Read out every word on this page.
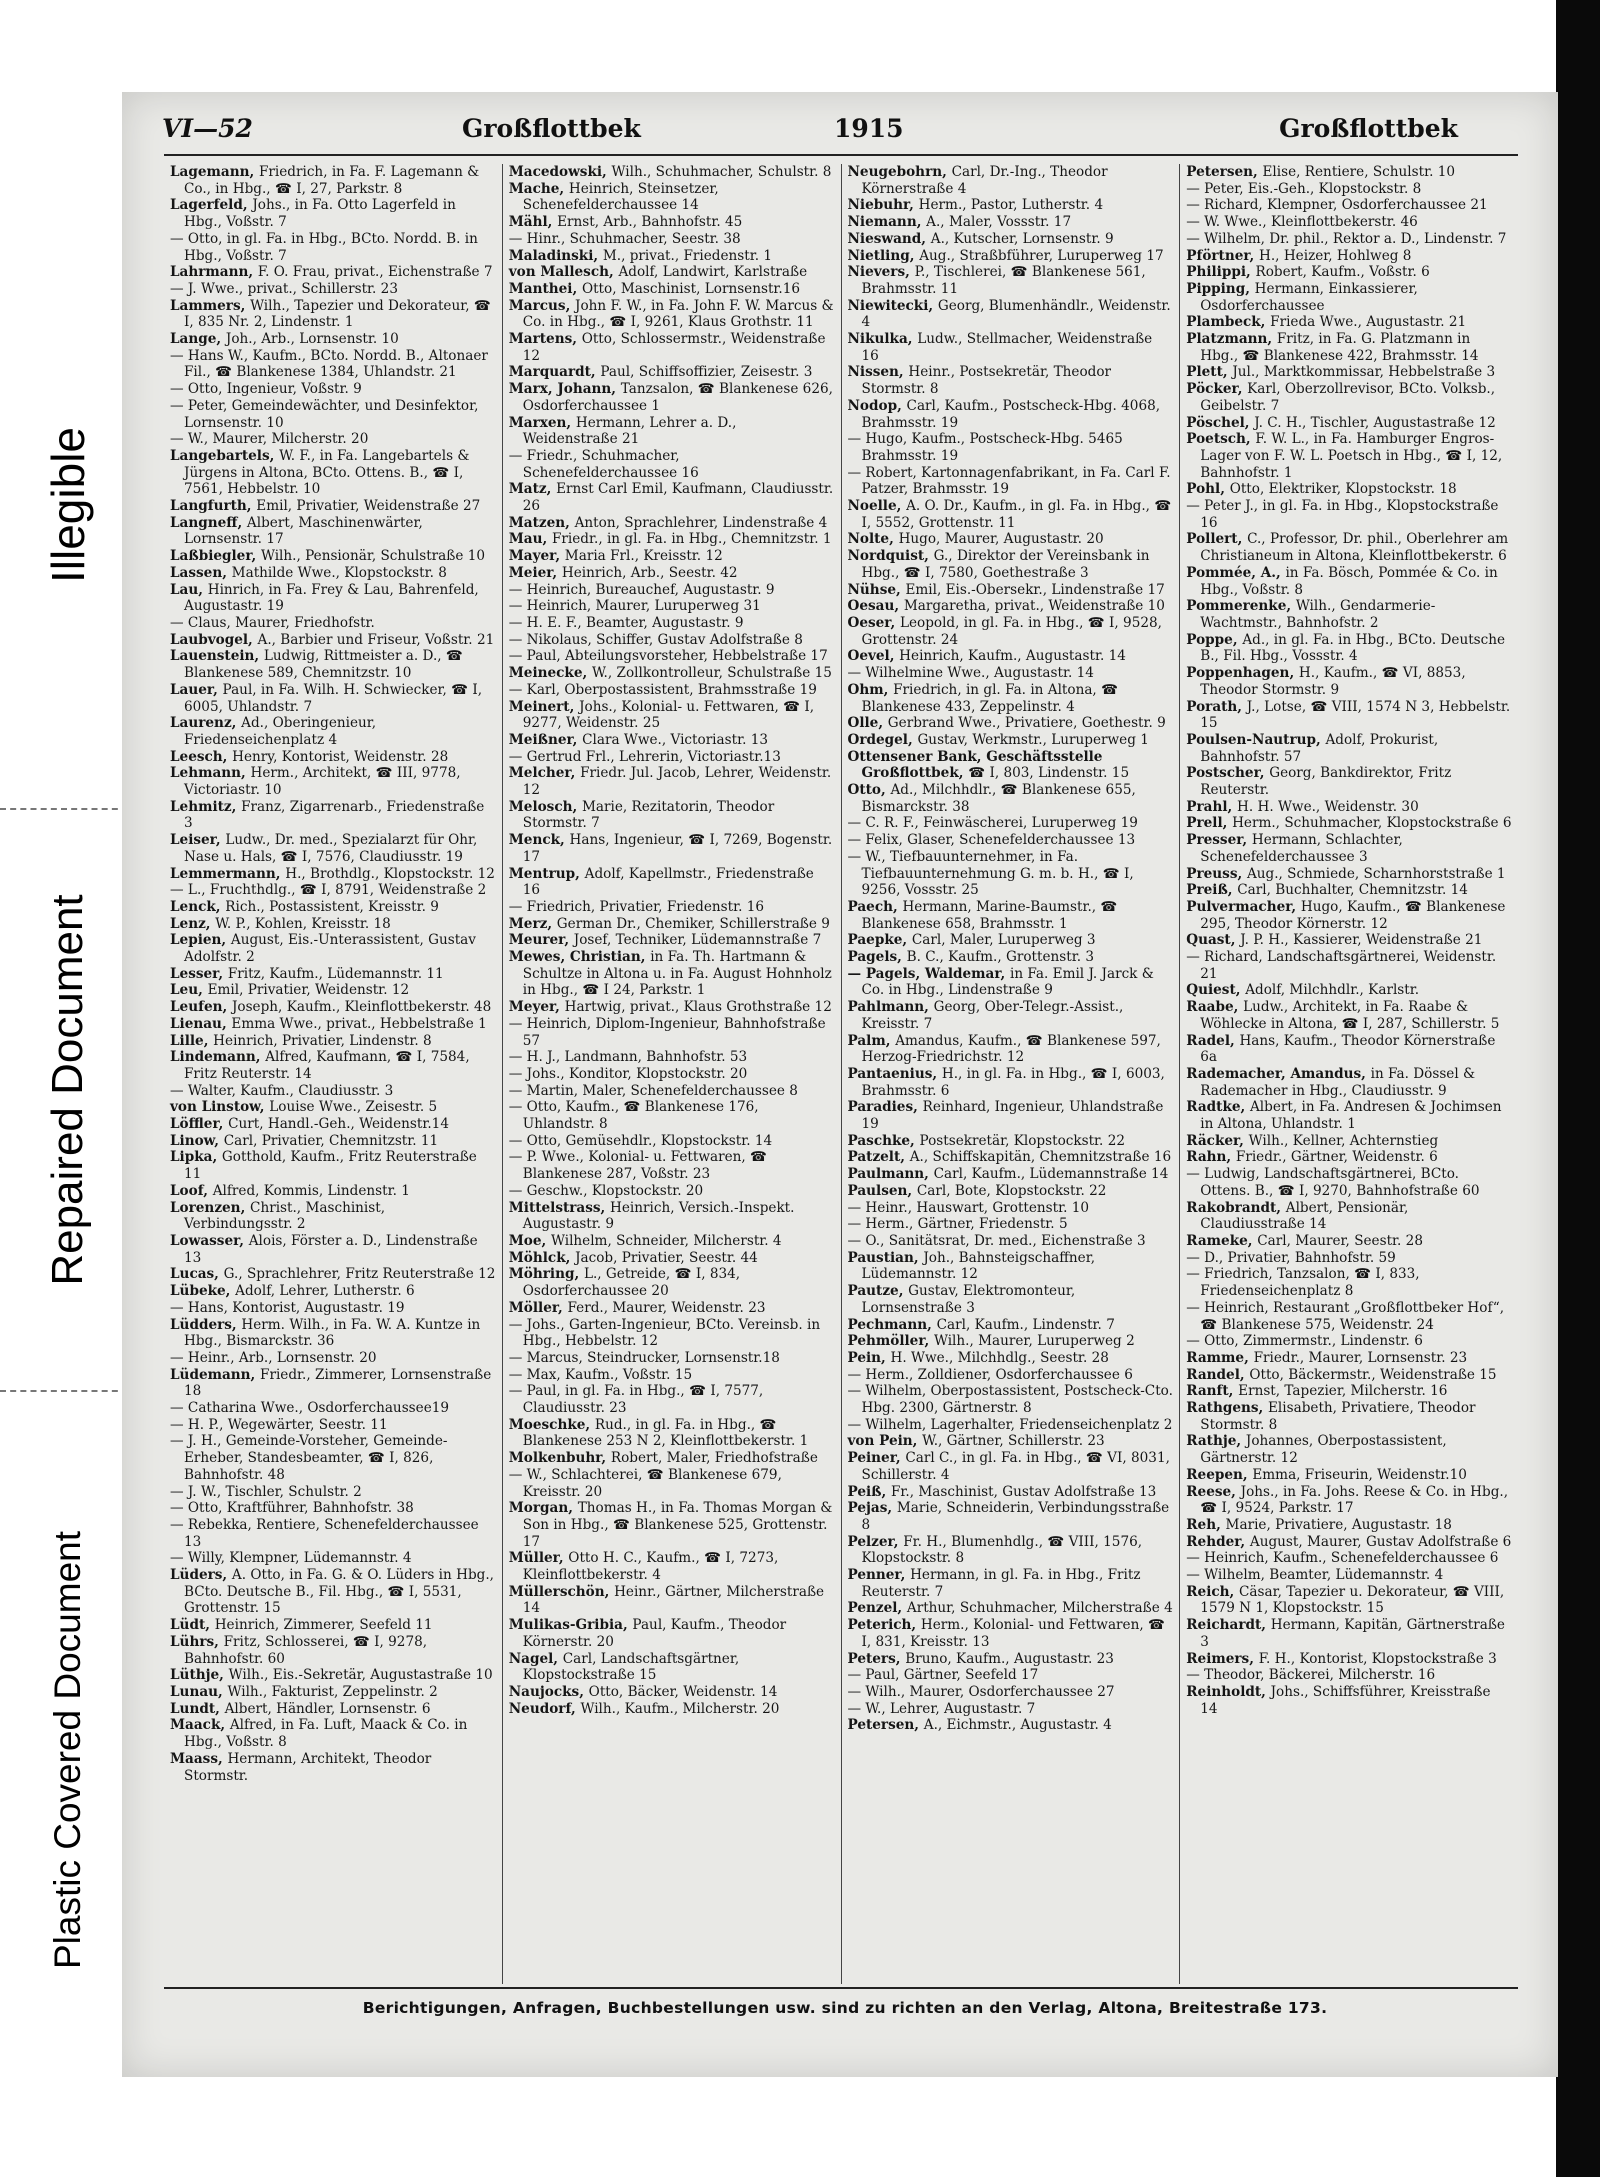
Illegible
Repaired Document
Plastic Covered Document
VI—52	Großflottbek	1915	Großflottbek

Lagemann, Friedrich, in Fa. F. Lagemann & Co., in Hbg., ☎ I, 27, Parkstr. 8

Lagerfeld, Johs., in Fa. Otto Lagerfeld in Hbg., Voßstr. 7

— Otto, in gl. Fa. in Hbg., BCto. Nordd. B. in Hbg., Voßstr. 7

Lahrmann, F. O. Frau, privat., Eichenstraße 7

— J. Wwe., privat., Schillerstr. 23

Lammers, Wilh., Tapezier und Dekorateur, ☎ I, 835 Nr. 2, Lindenstr. 1

Lange, Joh., Arb., Lornsenstr. 10

— Hans W., Kaufm., BCto. Nordd. B., Altonaer Fil., ☎ Blankenese 1384, Uhlandstr. 21

— Otto, Ingenieur, Voßstr. 9

— Peter, Gemeindewächter, und Desinfektor, Lornsenstr. 10

— W., Maurer, Milcherstr. 20

Langebartels, W. F., in Fa. Langebartels & Jürgens in Altona, BCto. Ottens. B., ☎ I, 7561, Hebbelstr. 10

Langfurth, Emil, Privatier, Weidenstraße 27

Langneff, Albert, Maschinenwärter, Lornsenstr. 17

Laßbiegler, Wilh., Pensionär, Schulstraße 10

Lassen, Mathilde Wwe., Klopstockstr. 8

Lau, Hinrich, in Fa. Frey & Lau, Bahrenfeld, Augustastr. 19

— Claus, Maurer, Friedhofstr.

Laubvogel, A., Barbier und Friseur, Voßstr. 21

Lauenstein, Ludwig, Rittmeister a. D., ☎ Blankenese 589, Chemnitzstr. 10

Lauer, Paul, in Fa. Wilh. H. Schwiecker, ☎ I, 6005, Uhlandstr. 7

Laurenz, Ad., Oberingenieur, Friedenseichenplatz 4

Leesch, Henry, Kontorist, Weidenstr. 28

Lehmann, Herm., Architekt, ☎ III, 9778, Victoriastr. 10

Lehmitz, Franz, Zigarrenarb., Friedenstraße 3

Leiser, Ludw., Dr. med., Spezialarzt für Ohr, Nase u. Hals, ☎ I, 7576, Claudiusstr. 19

Lemmermann, H., Brothdlg., Klopstockstr. 12

— L., Fruchthdlg., ☎ I, 8791, Weidenstraße 2

Lenck, Rich., Postassistent, Kreisstr. 9

Lenz, W. P., Kohlen, Kreisstr. 18

Lepien, August, Eis.-Unterassistent, Gustav Adolfstr. 2

Lesser, Fritz, Kaufm., Lüdemannstr. 11

Leu, Emil, Privatier, Weidenstr. 12

Leufen, Joseph, Kaufm., Kleinflottbekerstr. 48

Lienau, Emma Wwe., privat., Hebbelstraße 1

Lille, Heinrich, Privatier, Lindenstr. 8

Lindemann, Alfred, Kaufmann, ☎ I, 7584, Fritz Reuterstr. 14

— Walter, Kaufm., Claudiusstr. 3

von Linstow, Louise Wwe., Zeisestr. 5

Löffler, Curt, Handl.-Geh., Weidenstr.14

Linow, Carl, Privatier, Chemnitzstr. 11

Lipka, Gotthold, Kaufm., Fritz Reuterstraße 11

Loof, Alfred, Kommis, Lindenstr. 1

Lorenzen, Christ., Maschinist, Verbindungsstr. 2

Lowasser, Alois, Förster a. D., Lindenstraße 13

Lucas, G., Sprachlehrer, Fritz Reuterstraße 12

Lübeke, Adolf, Lehrer, Lutherstr. 6

— Hans, Kontorist, Augustastr. 19

Lüdders, Herm. Wilh., in Fa. W. A. Kuntze in Hbg., Bismarckstr. 36

— Heinr., Arb., Lornsenstr. 20

Lüdemann, Friedr., Zimmerer, Lornsenstraße 18

— Catharina Wwe., Osdorferchaussee19

— H. P., Wegewärter, Seestr. 11

— J. H., Gemeinde-Vorsteher, Gemeinde-Erheber, Standesbeamter, ☎ I, 826, Bahnhofstr. 48

— J. W., Tischler, Schulstr. 2

— Otto, Kraftführer, Bahnhofstr. 38

— Rebekka, Rentiere, Schenefelderchaussee 13

— Willy, Klempner, Lüdemannstr. 4

Lüders, A. Otto, in Fa. G. & O. Lüders in Hbg., BCto. Deutsche B., Fil. Hbg., ☎ I, 5531, Grottenstr. 15

Lüdt, Heinrich, Zimmerer, Seefeld 11

Lührs, Fritz, Schlosserei, ☎ I, 9278, Bahnhofstr. 60

Lüthje, Wilh., Eis.-Sekretär, Augustastraße 10

Lunau, Wilh., Fakturist, Zeppelinstr. 2

Lundt, Albert, Händler, Lornsenstr. 6

Maack, Alfred, in Fa. Luft, Maack & Co. in Hbg., Voßstr. 8

Maass, Hermann, Architekt, Theodor Stormstr.

Macedowski, Wilh., Schuhmacher, Schulstr. 8

Mache, Heinrich, Steinsetzer, Schenefelderchaussee 14

Mähl, Ernst, Arb., Bahnhofstr. 45

— Hinr., Schuhmacher, Seestr. 38

Maladinski, M., privat., Friedenstr. 1

von Mallesch, Adolf, Landwirt, Karlstraße

Manthei, Otto, Maschinist, Lornsenstr.16

Marcus, John F. W., in Fa. John F. W. Marcus & Co. in Hbg., ☎ I, 9261, Klaus Grothstr. 11

Martens, Otto, Schlossermstr., Weidenstraße 12

Marquardt, Paul, Schiffsoffizier, Zeisestr. 3

Marx, Johann, Tanzsalon, ☎ Blankenese 626, Osdorferchaussee 1

Marxen, Hermann, Lehrer a. D., Weidenstraße 21

— Friedr., Schuhmacher, Schenefelderchaussee 16

Matz, Ernst Carl Emil, Kaufmann, Claudiusstr. 26

Matzen, Anton, Sprachlehrer, Lindenstraße 4

Mau, Friedr., in gl. Fa. in Hbg., Chemnitzstr. 1

Mayer, Maria Frl., Kreisstr. 12

Meier, Heinrich, Arb., Seestr. 42

— Heinrich, Bureauchef, Augustastr. 9

— Heinrich, Maurer, Luruperweg 31

— H. E. F., Beamter, Augustastr. 9

— Nikolaus, Schiffer, Gustav Adolfstraße 8

— Paul, Abteilungsvorsteher, Hebbelstraße 17

Meinecke, W., Zollkontrolleur, Schulstraße 15

— Karl, Oberpostassistent, Brahmsstraße 19

Meinert, Johs., Kolonial- u. Fettwaren, ☎ I, 9277, Weidenstr. 25

Meißner, Clara Wwe., Victoriastr. 13

— Gertrud Frl., Lehrerin, Victoriastr.13

Melcher, Friedr. Jul. Jacob, Lehrer, Weidenstr. 12

Melosch, Marie, Rezitatorin, Theodor Stormstr. 7

Menck, Hans, Ingenieur, ☎ I, 7269, Bogenstr. 17

Mentrup, Adolf, Kapellmstr., Friedenstraße 16

— Friedrich, Privatier, Friedenstr. 16

Merz, German Dr., Chemiker, Schillerstraße 9

Meurer, Josef, Techniker, Lüdemannstraße 7

Mewes, Christian, in Fa. Th. Hartmann & Schultze in Altona u. in Fa. August Hohnholz in Hbg., ☎ I 24, Parkstr. 1

Meyer, Hartwig, privat., Klaus Grothstraße 12

— Heinrich, Diplom-Ingenieur, Bahnhofstraße 57

— H. J., Landmann, Bahnhofstr. 53

— Johs., Konditor, Klopstockstr. 20

— Martin, Maler, Schenefelderchaussee 8

— Otto, Kaufm., ☎ Blankenese 176, Uhlandstr. 8

— Otto, Gemüsehdlr., Klopstockstr. 14

— P. Wwe., Kolonial- u. Fettwaren, ☎ Blankenese 287, Voßstr. 23

— Geschw., Klopstockstr. 20

Mittelstrass, Heinrich, Versich.-Inspekt. Augustastr. 9

Moe, Wilhelm, Schneider, Milcherstr. 4

Möhlck, Jacob, Privatier, Seestr. 44

Möhring, L., Getreide, ☎ I, 834, Osdorferchaussee 20

Möller, Ferd., Maurer, Weidenstr. 23

— Johs., Garten-Ingenieur, BCto. Vereinsb. in Hbg., Hebbelstr. 12

— Marcus, Steindrucker, Lornsenstr.18

— Max, Kaufm., Voßstr. 15

— Paul, in gl. Fa. in Hbg., ☎ I, 7577, Claudiusstr. 23

Moeschke, Rud., in gl. Fa. in Hbg., ☎ Blankenese 253 N 2, Kleinflottbekerstr. 1

Molkenbuhr, Robert, Maler, Friedhofstraße

— W., Schlachterei, ☎ Blankenese 679, Kreisstr. 20

Morgan, Thomas H., in Fa. Thomas Morgan & Son in Hbg., ☎ Blankenese 525, Grottenstr. 17

Müller, Otto H. C., Kaufm., ☎ I, 7273, Kleinflottbekerstr. 4

Müllerschön, Heinr., Gärtner, Milcherstraße 14

Mulikas-Gribia, Paul, Kaufm., Theodor Körnerstr. 20

Nagel, Carl, Landschaftsgärtner, Klopstockstraße 15

Naujocks, Otto, Bäcker, Weidenstr. 14

Neudorf, Wilh., Kaufm., Milcherstr. 20

Neugebohrn, Carl, Dr.-Ing., Theodor Körnerstraße 4

Niebuhr, Herm., Pastor, Lutherstr. 4

Niemann, A., Maler, Vossstr. 17

Nieswand, A., Kutscher, Lornsenstr. 9

Nietling, Aug., Straßbführer, Luruperweg 17

Nievers, P., Tischlerei, ☎ Blankenese 561, Brahmsstr. 11

Niewitecki, Georg, Blumenhändlr., Weidenstr. 4

Nikulka, Ludw., Stellmacher, Weidenstraße 16

Nissen, Heinr., Postsekretär, Theodor Stormstr. 8

Nodop, Carl, Kaufm., Postscheck-Hbg. 4068, Brahmsstr. 19

— Hugo, Kaufm., Postscheck-Hbg. 5465 Brahmsstr. 19

— Robert, Kartonnagenfabrikant, in Fa. Carl F. Patzer, Brahmsstr. 19

Noelle, A. O. Dr., Kaufm., in gl. Fa. in Hbg., ☎ I, 5552, Grottenstr. 11

Nolte, Hugo, Maurer, Augustastr. 20

Nordquist, G., Direktor der Vereinsbank in Hbg., ☎ I, 7580, Goethestraße 3

Nühse, Emil, Eis.-Obersekr., Lindenstraße 17

Oesau, Margaretha, privat., Weidenstraße 10

Oeser, Leopold, in gl. Fa. in Hbg., ☎ I, 9528, Grottenstr. 24

Oevel, Heinrich, Kaufm., Augustastr. 14

— Wilhelmine Wwe., Augustastr. 14

Ohm, Friedrich, in gl. Fa. in Altona, ☎ Blankenese 433, Zeppelinstr. 4

Olle, Gerbrand Wwe., Privatiere, Goethestr. 9

Ordegel, Gustav, Werkmstr., Luruperweg 1

Ottensener Bank, Geschäftsstelle Großflottbek, ☎ I, 803, Lindenstr. 15

Otto, Ad., Milchhdlr., ☎ Blankenese 655, Bismarckstr. 38

— C. R. F., Feinwäscherei, Luruperweg 19

— Felix, Glaser, Schenefelderchaussee 13

— W., Tiefbauunternehmer, in Fa. Tiefbauunternehmung G. m. b. H., ☎ I, 9256, Vossstr. 25

Paech, Hermann, Marine-Baumstr., ☎ Blankenese 658, Brahmsstr. 1

Paepke, Carl, Maler, Luruperweg 3

Pagels, B. C., Kaufm., Grottenstr. 3

— Pagels, Waldemar, in Fa. Emil J. Jarck & Co. in Hbg., Lindenstraße 9

Pahlmann, Georg, Ober-Telegr.-Assist., Kreisstr. 7

Palm, Amandus, Kaufm., ☎ Blankenese 597, Herzog-Friedrichstr. 12

Pantaenius, H., in gl. Fa. in Hbg., ☎ I, 6003, Brahmsstr. 6

Paradies, Reinhard, Ingenieur, Uhlandstraße 19

Paschke, Postsekretär, Klopstockstr. 22

Patzelt, A., Schiffskapitän, Chemnitzstraße 16

Paulmann, Carl, Kaufm., Lüdemannstraße 14

Paulsen, Carl, Bote, Klopstockstr. 22

— Heinr., Hauswart, Grottenstr. 10

— Herm., Gärtner, Friedenstr. 5

— O., Sanitätsrat, Dr. med., Eichenstraße 3

Paustian, Joh., Bahnsteigschaffner, Lüdemannstr. 12

Pautze, Gustav, Elektromonteur, Lornsenstraße 3

Pechmann, Carl, Kaufm., Lindenstr. 7

Pehmöller, Wilh., Maurer, Luruperweg 2

Pein, H. Wwe., Milchhdlg., Seestr. 28

— Herm., Zolldiener, Osdorferchaussee 6

— Wilhelm, Oberpostassistent, Postscheck-Cto. Hbg. 2300, Gärtnerstr. 8

— Wilhelm, Lagerhalter, Friedenseichenplatz 2

von Pein, W., Gärtner, Schillerstr. 23

Peiner, Carl C., in gl. Fa. in Hbg., ☎ VI, 8031, Schillerstr. 4

Peiß, Fr., Maschinist, Gustav Adolfstraße 13

Pejas, Marie, Schneiderin, Verbindungsstraße 8

Pelzer, Fr. H., Blumenhdlg., ☎ VIII, 1576, Klopstockstr. 8

Penner, Hermann, in gl. Fa. in Hbg., Fritz Reuterstr. 7

Penzel, Arthur, Schuhmacher, Milcherstraße 4

Peterich, Herm., Kolonial- und Fettwaren, ☎ I, 831, Kreisstr. 13

Peters, Bruno, Kaufm., Augustastr. 23

— Paul, Gärtner, Seefeld 17

— Wilh., Maurer, Osdorferchaussee 27

— W., Lehrer, Augustastr. 7

Petersen, A., Eichmstr., Augustastr. 4

Petersen, Elise, Rentiere, Schulstr. 10

— Peter, Eis.-Geh., Klopstockstr. 8

— Richard, Klempner, Osdorferchaussee 21

— W. Wwe., Kleinflottbekerstr. 46

— Wilhelm, Dr. phil., Rektor a. D., Lindenstr. 7

Pförtner, H., Heizer, Hohlweg 8

Philippi, Robert, Kaufm., Voßstr. 6

Pipping, Hermann, Einkassierer, Osdorferchaussee

Plambeck, Frieda Wwe., Augustastr. 21

Platzmann, Fritz, in Fa. G. Platzmann in Hbg., ☎ Blankenese 422, Brahmsstr. 14

Plett, Jul., Marktkommissar, Hebbelstraße 3

Pöcker, Karl, Oberzollrevisor, BCto. Volksb., Geibelstr. 7

Pöschel, J. C. H., Tischler, Augustastraße 12

Poetsch, F. W. L., in Fa. Hamburger Engros-Lager von F. W. L. Poetsch in Hbg., ☎ I, 12, Bahnhofstr. 1

Pohl, Otto, Elektriker, Klopstockstr. 18

— Peter J., in gl. Fa. in Hbg., Klopstockstraße 16

Pollert, C., Professor, Dr. phil., Oberlehrer am Christianeum in Altona, Kleinflottbekerstr. 6

Pommée, A., in Fa. Bösch, Pommée & Co. in Hbg., Voßstr. 8

Pommerenke, Wilh., Gendarmerie-Wachtmstr., Bahnhofstr. 2

Poppe, Ad., in gl. Fa. in Hbg., BCto. Deutsche B., Fil. Hbg., Vossstr. 4

Poppenhagen, H., Kaufm., ☎ VI, 8853, Theodor Stormstr. 9

Porath, J., Lotse, ☎ VIII, 1574 N 3, Hebbelstr. 15

Poulsen-Nautrup, Adolf, Prokurist, Bahnhofstr. 57

Postscher, Georg, Bankdirektor, Fritz Reuterstr.

Prahl, H. H. Wwe., Weidenstr. 30

Prell, Herm., Schuhmacher, Klopstockstraße 6

Presser, Hermann, Schlachter, Schenefelderchaussee 3

Preuss, Aug., Schmiede, Scharnhorststraße 1

Preiß, Carl, Buchhalter, Chemnitzstr. 14

Pulvermacher, Hugo, Kaufm., ☎ Blankenese 295, Theodor Körnerstr. 12

Quast, J. P. H., Kassierer, Weidenstraße 21

— Richard, Landschaftsgärtnerei, Weidenstr. 21

Quiest, Adolf, Milchhdlr., Karlstr.

Raabe, Ludw., Architekt, in Fa. Raabe & Wöhlecke in Altona, ☎ I, 287, Schillerstr. 5

Radel, Hans, Kaufm., Theodor Körnerstraße 6a

Rademacher, Amandus, in Fa. Dössel & Rademacher in Hbg., Claudiusstr. 9

Radtke, Albert, in Fa. Andresen & Jochimsen in Altona, Uhlandstr. 1

Räcker, Wilh., Kellner, Achternstieg

Rahn, Friedr., Gärtner, Weidenstr. 6

— Ludwig, Landschaftsgärtnerei, BCto. Ottens. B., ☎ I, 9270, Bahnhofstraße 60

Rakobrandt, Albert, Pensionär, Claudiusstraße 14

Rameke, Carl, Maurer, Seestr. 28

— D., Privatier, Bahnhofstr. 59

— Friedrich, Tanzsalon, ☎ I, 833, Friedenseichenplatz 8

— Heinrich, Restaurant „Großflottbeker Hof“, ☎ Blankenese 575, Weidenstr. 24

— Otto, Zimmermstr., Lindenstr. 6

Ramme, Friedr., Maurer, Lornsenstr. 23

Randel, Otto, Bäckermstr., Weidenstraße 15

Ranft, Ernst, Tapezier, Milcherstr. 16

Rathgens, Elisabeth, Privatiere, Theodor Stormstr. 8

Rathje, Johannes, Oberpostassistent, Gärtnerstr. 12

Reepen, Emma, Friseurin, Weidenstr.10

Reese, Johs., in Fa. Johs. Reese & Co. in Hbg., ☎ I, 9524, Parkstr. 17

Reh, Marie, Privatiere, Augustastr. 18

Rehder, August, Maurer, Gustav Adolfstraße 6

— Heinrich, Kaufm., Schenefelderchaussee 6

— Wilhelm, Beamter, Lüdemannstr. 4

Reich, Cäsar, Tapezier u. Dekorateur, ☎ VIII, 1579 N 1, Klopstockstr. 15

Reichardt, Hermann, Kapitän, Gärtnerstraße 3

Reimers, F. H., Kontorist, Klopstockstraße 3

— Theodor, Bäckerei, Milcherstr. 16

Reinholdt, Johs., Schiffsführer, Kreisstraße 14

Berichtigungen, Anfragen, Buchbestellungen usw. sind zu richten an den Verlag, Altona, Breitestraße 173.
